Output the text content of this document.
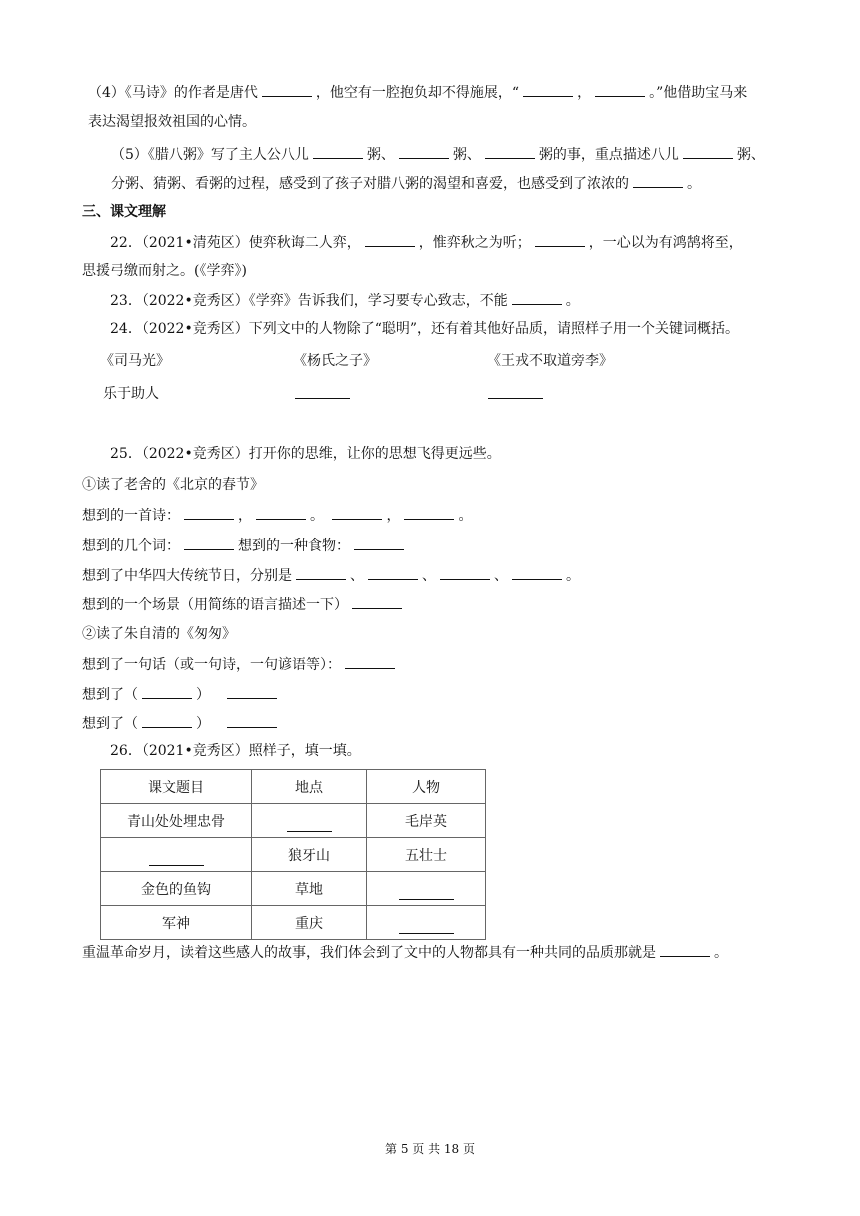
（4）《马诗》的作者是唐代	，他空有一腔抱负却不得施展，“	，	。”他借助宝马来
表达渴望报效祖国的心情。
（5）《腊八粥》写了主人公八儿	粥、	粥、	粥的事，重点描述八儿	粥、
分粥、猜粥、看粥的过程，感受到了孩子对腊八粥的渴望和喜爱，也感受到了浓浓的	。
三、课文理解
22．（2021•清苑区）使弈秋诲二人弈，	，惟弈秋之为听；	，一心以为有鸿鹄将至，
思援弓缴而射之。(《学弈》)
23．（2022•竞秀区）《学弈》告诉我们，学习要专心致志，不能	。
24．（2022•竞秀区）下列文中的人物除了“聪明”，还有着其他好品质，请照样子用一个关键词概括。
《司马光》	《杨氏之子》	《王戎不取道旁李》
乐于助人
25．（2022•竞秀区）打开你的思维，让你的思想飞得更远些。
①读了老舍的《北京的春节》
想到的一首诗：	，	。	，	。
想到的几个词：	想到的一种食物：
想到了中华四大传统节日，分别是	、	、	、	。
想到的一个场景（用简练的语言描述一下）
②读了朱自清的《匆匆》
想到了一句话（或一句诗，一句谚语等）：
想到了（	）
想到了（	）
26．（2021•竞秀区）照样子，填一填。
课文题目	地点	人物
青山处处埋忠骨		毛岸英
	狼牙山	五壮士
金色的鱼钩	草地	
军神	重庆	
重温革命岁月，读着这些感人的故事，我们体会到了文中的人物都具有一种共同的品质那就是	。
第 5 页 共 18 页
